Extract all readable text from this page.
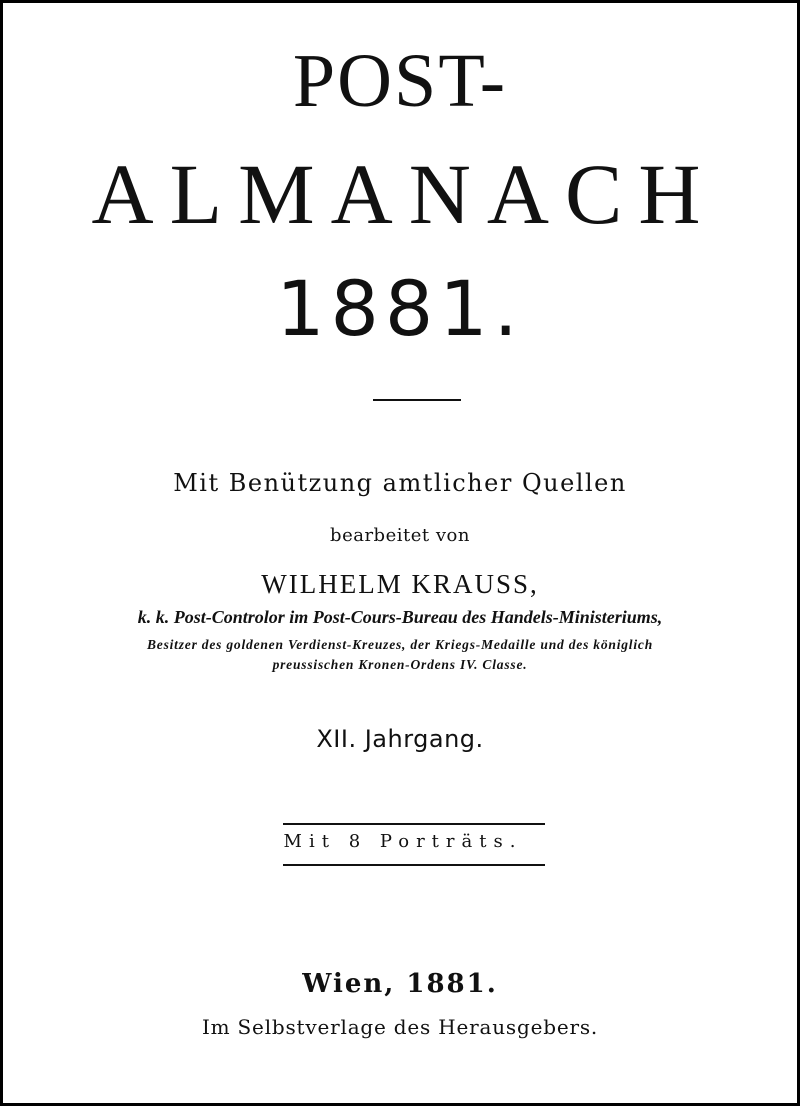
POST-
ALMANACH
1881.
Mit Benützung amtlicher Quellen
bearbeitet von
WILHELM KRAUSS,
k. k. Post-Controlor im Post-Cours-Bureau des Handels-Ministeriums,
Besitzer des goldenen Verdienst-Kreuzes, der Kriegs-Medaille und des königlich
preussischen Kronen-Ordens IV. Classe.
XII. Jahrgang.
Mit 8 Porträts.
Wien, 1881.
Im Selbstverlage des Herausgebers.
